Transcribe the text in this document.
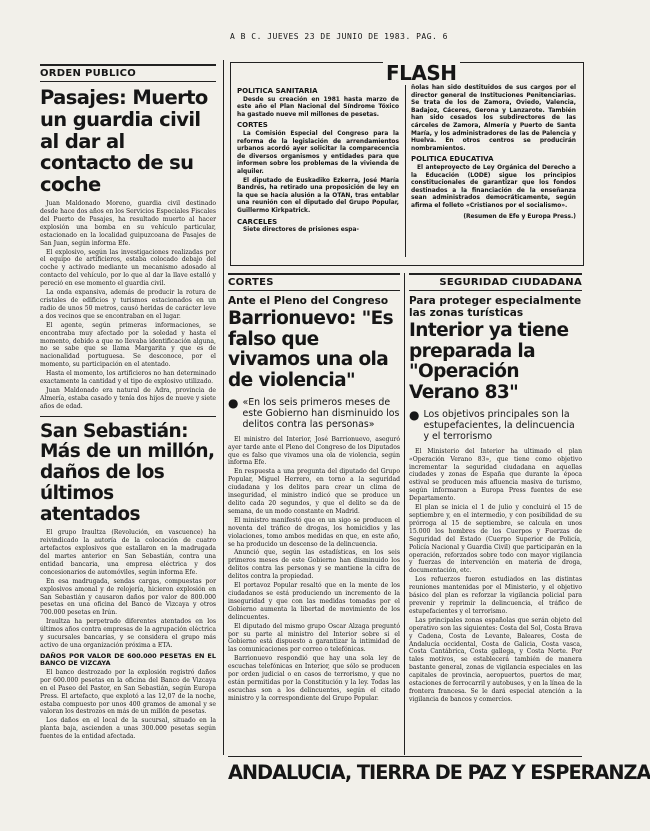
A B C. JUEVES 23 DE JUNIO DE 1983. PAG. 6
ORDEN PUBLICO
Pasajes: Muerto un guardia civil al dar al contacto de su coche

Juan Maldonado Moreno, guardia civil destinado desde hace dos años en los Servicios Especiales Fiscales del Puerto de Pasajes, ha resultado muerto al hacer explosión una bomba en su vehículo particular, estacionado en la localidad guipuzcoana de Pasajes de San Juan, según informa Efe.

El explosivo, según las investigaciones realizadas por el equipo de artificieros, estaba colocado debajo del coche y activado mediante un mecanismo adosado al contacto del vehículo, por lo que al dar la llave estalló y pereció en ese momento el guardia civil.

La onda expansiva, además de producir la rotura de cristales de edificios y turismos estacionados en un radio de unos 50 metros, causó heridas de carácter leve a dos vecinos que se encontraban en el lugar.

El agente, según primeras informaciones, se encontraba muy afectado por la soledad y hasta el momento, debido a que no llevaba identificación alguna, no se sabe que se llama Margarita y que es de nacionalidad portuguesa. Se desconoce, por el momento, su participación en el atentado.

Hasta el momento, los artificieros no han determinado exactamente la cantidad y el tipo de explosivo utilizado.

Juan Maldonado era natural de Adra, provincia de Almería, estaba casado y tenía dos hijos de nueve y siete años de edad.

San Sebastián: Más de un millón, daños de los últimos atentados

El grupo Iraultza (Revolución, en vascuence) ha reivindicado la autoría de la colocación de cuatro artefactos explosivos que estallaron en la madrugada del martes anterior en San Sebastián, contra una entidad bancaria, una empresa eléctrica y dos concesionarios de automóviles, según informa Efe.

En esa madrugada, sendas cargas, compuestas por explosivos amonal y de relojería, hicieron explosión en San Sebastián y causaron daños por valor de 800.000 pesetas en una oficina del Banco de Vizcaya y otros 700.000 pesetas en Irún.

Iraultza ha perpetrado diferentes atentados en los últimos años contra empresas de la agrupación eléctrica y sucursales bancarias, y se considera el grupo más activo de una organización próxima a ETA.

DAÑOS POR VALOR DE 600.000 PESETAS EN EL BANCO DE VIZCAYA

El banco destrozado por la explosión registró daños por 600.000 pesetas en la oficina del Banco de Vizcaya en el Paseo del Pastor, en San Sebastián, según Europa Press. El artefacto, que explotó a las 12,07 de la noche, estaba compuesto por unos 400 gramos de amonal y se valoran los destrozos en más de un millón de pesetas.

Los daños en el local de la sucursal, situado en la planta baja, ascienden a unas 300.000 pesetas según fuentes de la entidad afectada.

FLASH
POLITICA SANITARIA

Desde su creación en 1981 hasta marzo de este año el Plan Nacional del Síndrome Tóxico ha gastado nueve mil millones de pesetas.

CORTES

La Comisión Especial del Congreso para la reforma de la legislación de arrendamientos urbanos acordó ayer solicitar la comparecencia de diversos organismos y entidades para que informen sobre los problemas de la vivienda de alquiler.

El diputado de Euskadiko Ezkerra, José María Bandrés, ha retirado una proposición de ley en la que se hacía alusión a la OTAN, tras entablar una reunión con el diputado del Grupo Popular, Guillermo Kirkpatrick.

CARCELES

Siete directores de prisiones espa-

ñolas han sido destituidos de sus cargos por el director general de Instituciones Penitenciarias. Se trata de los de Zamora, Oviedo, Valencia, Badajoz, Cáceres, Gerona y Lanzarote. También han sido cesados los subdirectores de las cárceles de Zamora, Almería y Puerto de Santa María, y los administradores de las de Palencia y Huelva. En otros centros se producirán nombramientos.

POLITICA EDUCATIVA

El anteproyecto de Ley Orgánica del Derecho a la Educación (LODE) sigue los principios constitucionales de garantizar que los fondos destinados a la financiación de la enseñanza sean administrados democráticamente, según afirma el folleto «Cristianos por el socialismo».

(Resumen de Efe y Europa Press.)
CORTES
Ante el Pleno del Congreso
Barrionuevo: "Es falso que vivamos una ola de violencia"
● «En los seis primeros meses de este Gobierno han disminuido los delitos contra las personas»

El ministro del Interior, José Barrionuevo, aseguró ayer tarde ante el Pleno del Congreso de los Diputados que es falso que vivamos una ola de violencia, según informa Efe.

En respuesta a una pregunta del diputado del Grupo Popular, Miguel Herrero, en torno a la seguridad ciudadana y los delitos para crear un clima de inseguridad, el ministro indicó que se produce un delito cada 20 segundos, y que el delito se da de semana, de un modo constante en Madrid.

El ministro manifestó que en un sigo se producen el noventa del tráfico de drogas, los homicidios y las violaciones, tomo ambos medidas en que, en este año, se ha producido un descenso de la delincuencia.

Anunció que, según las estadísticas, en los seis primeros meses de este Gobierno han disminuido los delitos contra las personas y se mantiene la cifra de delitos contra la propiedad.

El portavoz Popular resaltó que en la mente de los ciudadanos se está produciendo un incremento de la inseguridad y que con las medidas tomadas por el Gobierno aumenta la libertad de movimiento de los delincuentes.

El diputado del mismo grupo Oscar Alzaga preguntó por su parte al ministro del Interior sobre si el Gobierno está dispuesto a garantizar la intimidad de las comunicaciones por correo o telefónicas.

Barrionuevo respondió que hay una sola ley de escuchas telefónicas en Interior, que sólo se producen por orden judicial o en casos de terrorismo, y que no están permitidas por la Constitución y la ley. Todas las escuchas son a los delincuentes, según el citado ministro y la correspondiente del Grupo Popular.

SEGURIDAD CIUDADANA
Para proteger especialmente las zonas turísticas
Interior ya tiene preparada la "Operación Verano 83"
● Los objetivos principales son la estupefacientes, la delincuencia y el terrorismo

El Ministerio del Interior ha ultimado el plan «Operación Verano 83», que tiene como objetivo incrementar la seguridad ciudadana en aquellas ciudades y zonas de España que durante la época estival se producen más afluencia masiva de turismo, según informaron a Europa Press fuentes de ese Departamento.

El plan se inicia el 1 de julio y concluirá el 15 de septiembre y, en el intermedio, y con posibilidad de su prórroga al 15 de septiembre, se calcula en unos 15.000 los hombres de los Cuerpos y Fuerzas de Seguridad del Estado (Cuerpo Superior de Policía, Policía Nacional y Guardia Civil) que participarán en la operación, reforzados sobre todo con mayor vigilancia y fuerzas de intervención en materia de droga, documentación, etc.

Los refuerzos fueron estudiados en las distintas reuniones mantenidas por el Ministerio, y el objetivo básico del plan es reforzar la vigilancia policial para prevenir y reprimir la delincuencia, el tráfico de estupefacientes y el terrorismo.

Las principales zonas españolas que serán objeto del operativo son las siguientes: Costa del Sol, Costa Brava y Cadena, Costa de Levante, Baleares, Costa de Andalucía occidental, Costa de Galicia, Costa vasca, Costa Cantábrica, Costa gallega, y Costa Norte. Por tales motivos, se establecerá también de manera bastante general, zonas de vigilancia especiales en las capitales de provincia, aeropuertos, puertos de mar, estaciones de ferrocarril y autobuses, y en la línea de la frontera francesa. Se le dará especial atención a la vigilancia de bancos y comercios.

ANDALUCIA, TIERRA DE PAZ Y ESPERANZA
